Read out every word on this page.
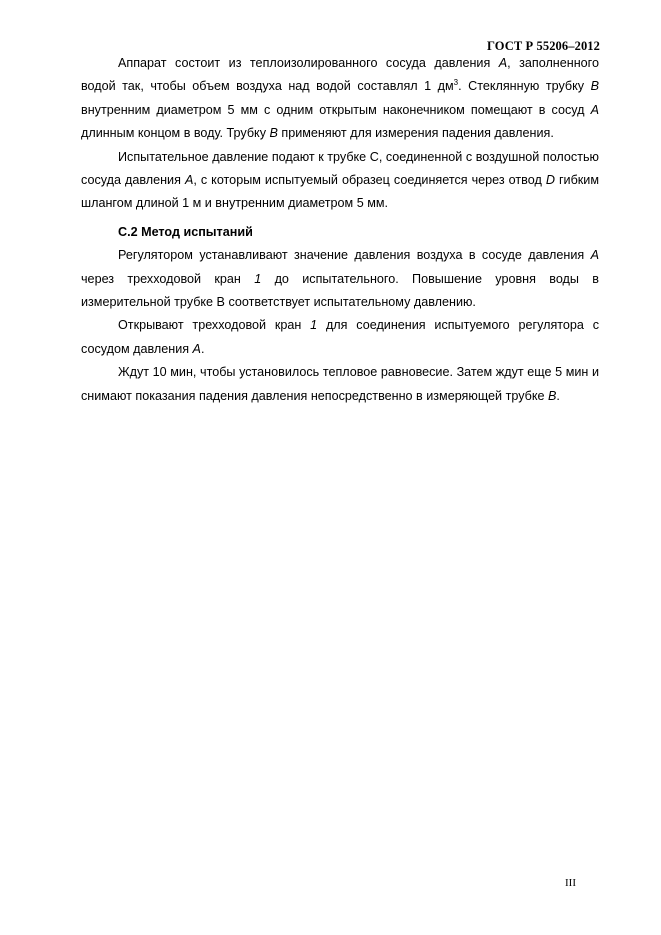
ГОСТ Р 55206–2012

Аппарат состоит из теплоизолированного сосуда давления А, заполненного водой так, чтобы объем воздуха над водой составлял 1 $дм^3$. Стеклянную трубку В внутренним диаметром 5 мм с одним открытым наконечником помещают в сосуд А длинным концом в воду. Трубку В применяют для измерения падения давления.

Испытательное давление подают к трубке С, соединенной с воздушной полостью сосуда давления А, с которым испытуемый образец соединяется через отвод D гибким шлангом длиной 1 м и внутренним диаметром 5 мм.

С.2 Метод испытаний

Регулятором устанавливают значение давления воздуха в сосуде давления А через трехходовой кран 1 до испытательного. Повышение уровня воды в измерительной трубке В соответствует испытательному давлению.

Открывают трехходовой кран 1 для соединения испытуемого регулятора с сосудом давления А.

Ждут 10 мин, чтобы установилось тепловое равновесие. Затем ждут еще 5 мин и снимают показания падения давления непосредственно в измеряющей трубке В.

III
